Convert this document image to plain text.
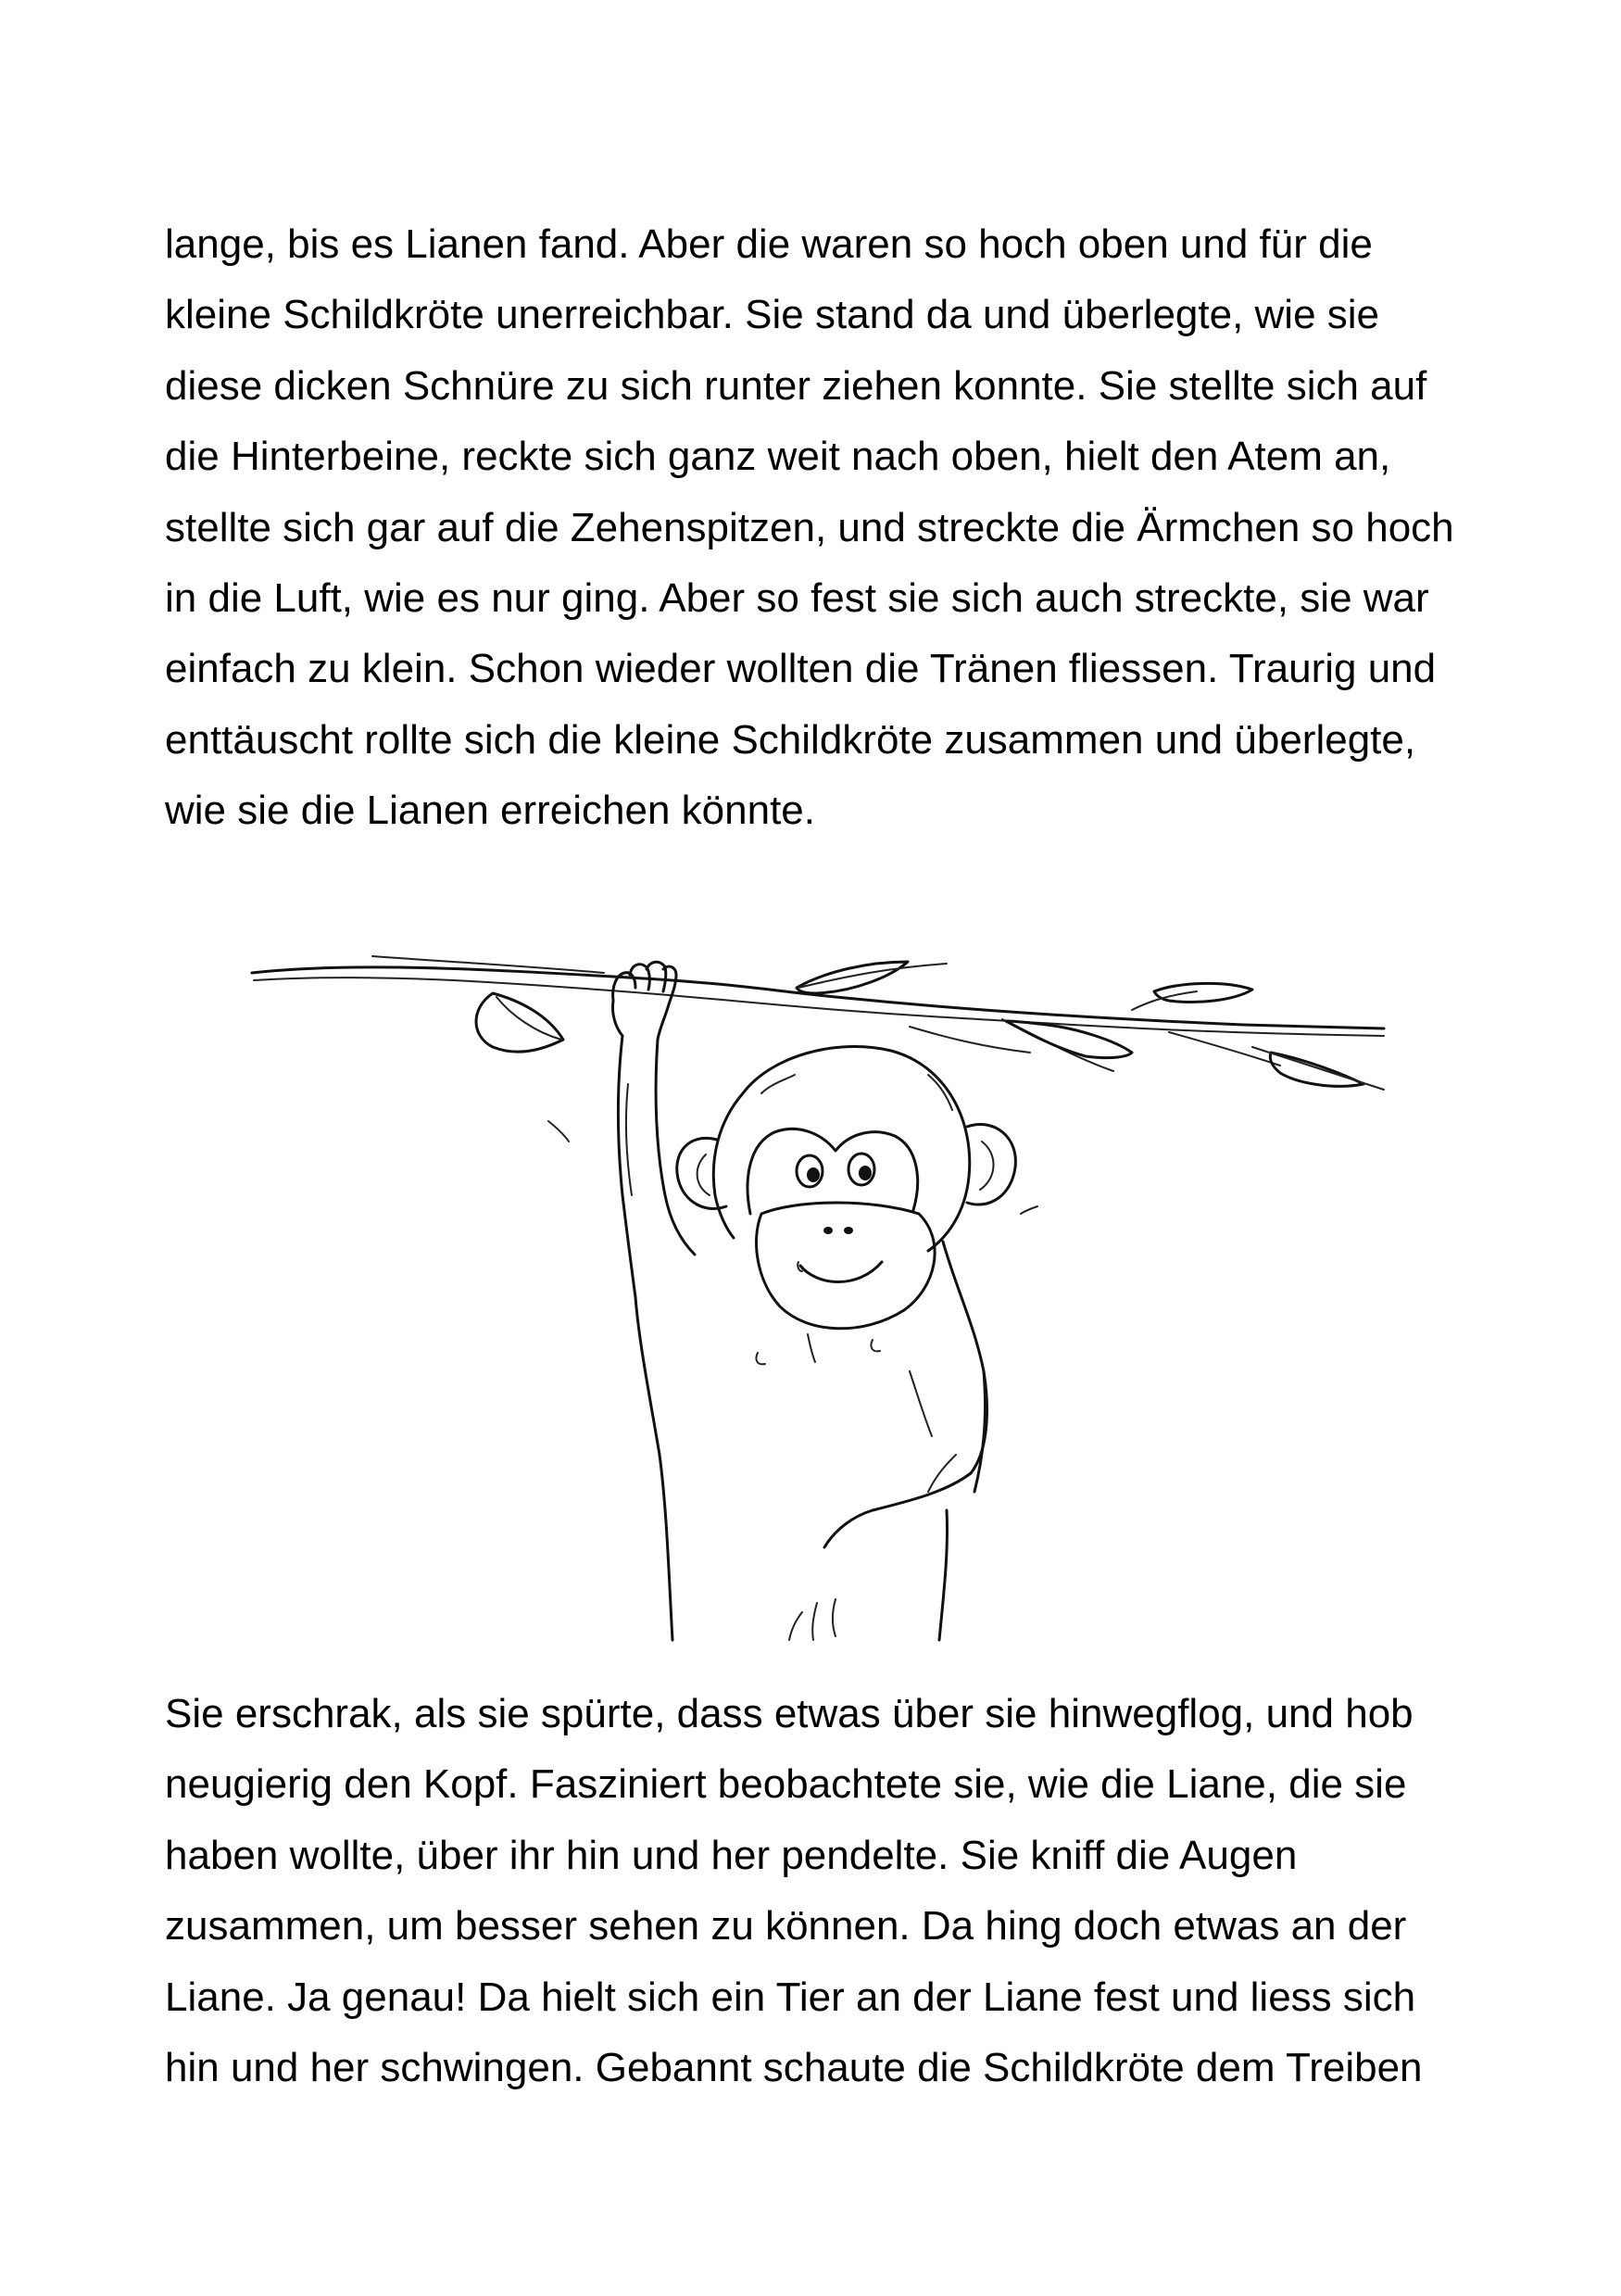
lange, bis es Lianen fand. Aber die waren so hoch oben und für die
kleine Schildkröte unerreichbar. Sie stand da und überlegte, wie sie
diese dicken Schnüre zu sich runter ziehen konnte. Sie stellte sich auf
die Hinterbeine, reckte sich ganz weit nach oben, hielt den Atem an,
stellte sich gar auf die Zehenspitzen, und streckte die Ärmchen so hoch
in die Luft, wie es nur ging. Aber so fest sie sich auch streckte, sie war
einfach zu klein. Schon wieder wollten die Tränen fliessen. Traurig und
enttäuscht rollte sich die kleine Schildkröte zusammen und überlegte,
wie sie die Lianen erreichen könnte.

Sie erschrak, als sie spürte, dass etwas über sie hinwegflog, und hob
neugierig den Kopf. Fasziniert beobachtete sie, wie die Liane, die sie
haben wollte, über ihr hin und her pendelte. Sie kniff die Augen
zusammen, um besser sehen zu können. Da hing doch etwas an der
Liane. Ja genau! Da hielt sich ein Tier an der Liane fest und liess sich
hin und her schwingen. Gebannt schaute die Schildkröte dem Treiben
